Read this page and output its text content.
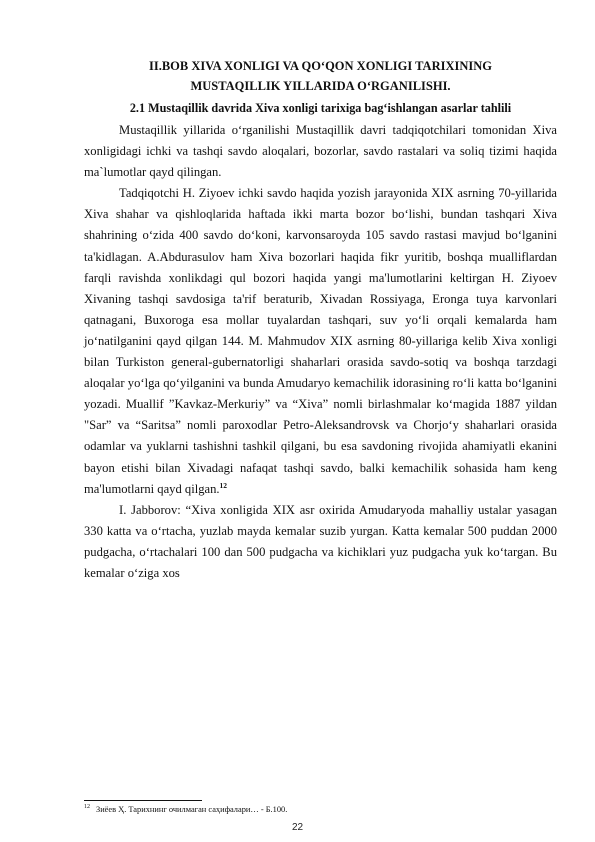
II.BOB XIVA XONLIGI VA QO‘QON XONLIGI TARIXINING
MUSTAQILLIK YILLARIDA O‘RGANILISHI.
2.1 Mustaqillik davrida Xiva xonligi tarixiga bag‘ishlangan asarlar tahlili

Mustaqillik yillarida o‘rganilishi Mustaqillik davri tadqiqotchilari tomonidan Xiva xonligidagi ichki va tashqi savdo aloqalari, bozorlar, savdo rastalari va soliq tizimi haqida ma`lumotlar qayd qilingan.

Tadqiqotchi H. Ziyoev ichki savdo haqida yozish jarayonida XIX asrning 70-yillarida Xiva shahar va qishloqlarida haftada ikki marta bozor bo‘lishi, bundan tashqari Xiva shahrining o‘zida 400 savdo do‘koni, karvonsaroyda 105 savdo rastasi mavjud bo‘lganini ta'kidlagan. A.Abdurasulov ham Xiva bozorlari haqida fikr yuritib, boshqa mualliflardan farqli ravishda xonlikdagi qul bozori haqida yangi ma'lumotlarini keltirgan H. Ziyoev Xivaning tashqi savdosiga ta'rif beraturib, Xivadan Rossiyaga, Eronga tuya karvonlari qatnagani, Buxoroga esa mollar tuyalardan tashqari, suv yo‘li orqali kemalarda ham jo‘natilganini qayd qilgan 144. M. Mahmudov XIX asrning 80-yillariga kelib Xiva xonligi bilan Turkiston general-gubernatorligi shaharlari orasida savdo-sotiq va boshqa tarzdagi aloqalar yo‘lga qo‘yilganini va bunda Amudaryo kemachilik idorasining ro‘li katta bo‘lganini yozadi. Muallif ”Kavkaz-Merkuriy” va “Xiva” nomli birlashmalar ko‘magida 1887 yildan "Sar” va “Saritsa” nomli paroxodlar Petro-Aleksandrovsk va Chorjo‘y shaharlari orasida odamlar va yuklarni tashishni tashkil qilgani, bu esa savdoning rivojida ahamiyatli ekanini bayon etishi bilan Xivadagi nafaqat tashqi savdo, balki kemachilik sohasida ham keng ma'lumotlarni qayd qilgan.$^{12}$

I. Jabborov: “Xiva xonligida XIX asr oxirida Amudaryoda mahalliy ustalar yasagan 330 katta va o‘rtacha, yuzlab mayda kemalar suzib yurgan. Katta kemalar 500 puddan 2000 pudgacha, o‘rtachalari 100 dan 500 pudgacha va kichiklari yuz pudgacha yuk ko‘targan. Bu kemalar o‘ziga xos

$^{12}$ Зиёев Ҳ. Тарихнинг очилмаган саҳифалари… - Б.100.
22
